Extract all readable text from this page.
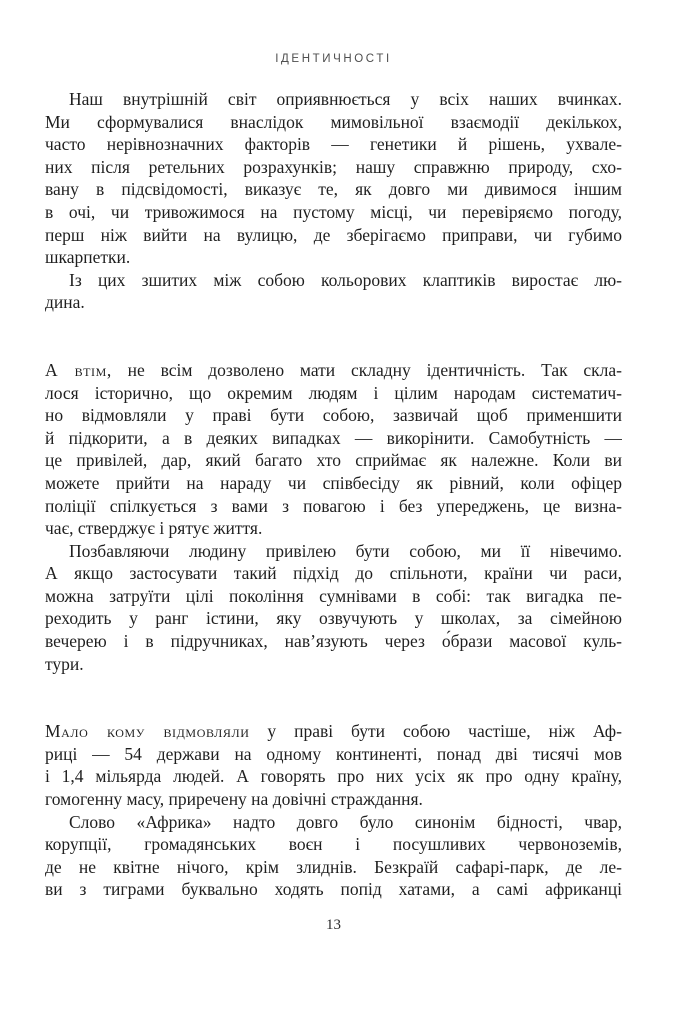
ІДЕНТИЧНОСТІ
Наш внутрішній світ оприявнюється у всіх наших вчинках.
Ми сформувалися внаслідок мимовільної взаємодії декількох,
часто нерівнозначних факторів — генетики й рішень, ухвале-
них після ретельних розрахунків; нашу справжню природу, схо-
вану в підсвідомості, виказує те, як довго ми дивимося іншим
в очі, чи тривожимося на пустому місці, чи перевіряємо погоду,
перш ніж вийти на вулицю, де зберігаємо приправи, чи губимо
шкарпетки.
Із цих зшитих між собою кольорових клаптиків виростає лю-
дина.
А втім, не всім дозволено мати складну ідентичність. Так скла-
лося історично, що окремим людям і цілим народам систематич-
но відмовляли у праві бути собою, зазвичай щоб применшити
й підкорити, а в деяких випадках — викорінити. Самобутність —
це привілей, дар, який багато хто сприймає як належне. Коли ви
можете прийти на нараду чи співбесіду як рівний, коли офіцер
поліції спілкується з вами з повагою і без упереджень, це визна-
чає, стверджує і рятує життя.
Позбавляючи людину привілею бути собою, ми її нівечимо.
А якщо застосувати такий підхід до спільноти, країни чи раси,
можна затруїти цілі покоління сумнівами в собі: так вигадка пе-
реходить у ранг істини, яку озвучують у школах, за сімейною
вечерею і в підручниках, нав’язують через о́брази масової куль-
тури.
Мало кому відмовляли у праві бути собою частіше, ніж Аф-
риці — 54 держави на одному континенті, понад дві тисячі мов
і 1,4 мільярда людей. А говорять про них усіх як про одну країну,
гомогенну масу, приречену на довічні страждання.
Слово «Африка» надто довго було синонім бідності, чвар,
корупції, громадянських воєн і посушливих червоноземів,
де не квітне нічого, крім злиднів. Безкраїй сафарі-парк, де ле-
ви з тиграми буквально ходять попід хатами, а самі африканці
13
